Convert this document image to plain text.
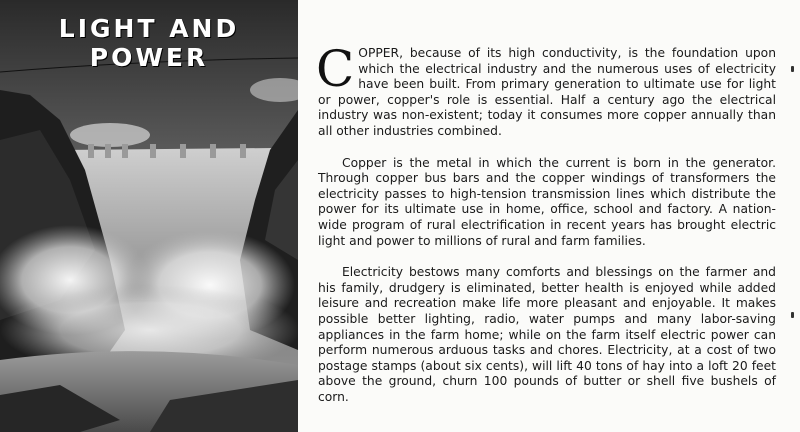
LIGHT AND POWER	COPPER, because of its high conductivity, is the foundation upon which the electrical industry and the numerous uses of electricity have been built. From primary generation to ultimate use for light or power, copper's role is essential. Half a century ago the electrical industry was non-existent; today it consumes more copper annually than all other industries combined.

Copper is the metal in which the current is born in the generator. Through copper bus bars and the copper windings of transformers the electricity passes to high-tension transmission lines which distribute the power for its ultimate use in home, office, school and factory. A nation-wide program of rural electrification in recent years has brought electric light and power to millions of rural and farm families.

Electricity bestows many comforts and blessings on the farmer and his family, drudgery is eliminated, better health is enjoyed while added leisure and recreation make life more pleasant and enjoyable. It makes possible better lighting, radio, water pumps and many labor-saving appliances in the farm home; while on the farm itself electric power can perform numerous arduous tasks and chores. Electricity, at a cost of two postage stamps (about six cents), will lift 40 tons of hay into a loft 20 feet above the ground, churn 100 pounds of butter or shell five bushels of corn.
